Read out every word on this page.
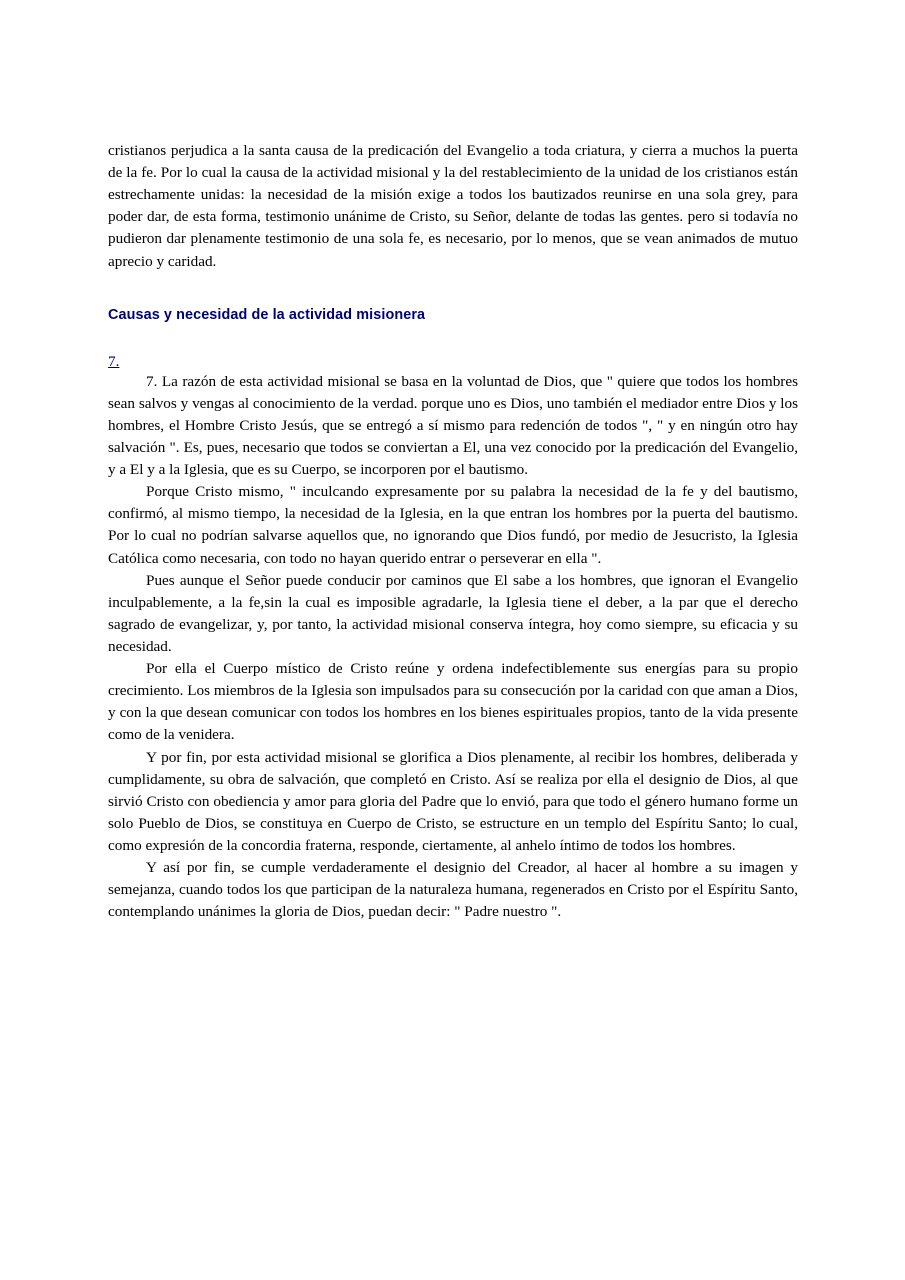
cristianos perjudica a la santa causa de la predicación del Evangelio a toda criatura, y cierra a muchos la puerta de la fe. Por lo cual la causa de la actividad misional y la del restablecimiento de la unidad de los cristianos están estrechamente unidas: la necesidad de la misión exige a todos los bautizados reunirse en una sola grey, para poder dar, de esta forma, testimonio unánime de Cristo, su Señor, delante de todas las gentes. pero si todavía no pudieron dar plenamente testimonio de una sola fe, es necesario, por lo menos, que se vean animados de mutuo aprecio y caridad.

Causas y necesidad de la actividad misionera
7.

7. La razón de esta actividad misional se basa en la voluntad de Dios, que " quiere que todos los hombres sean salvos y vengas al conocimiento de la verdad. porque uno es Dios, uno también el mediador entre Dios y los hombres, el Hombre Cristo Jesús, que se entregó a sí mismo para redención de todos ", " y en ningún otro hay salvación ". Es, pues, necesario que todos se conviertan a El, una vez conocido por la predicación del Evangelio, y a El y a la Iglesia, que es su Cuerpo, se incorporen por el bautismo.

Porque Cristo mismo, " inculcando expresamente por su palabra la necesidad de la fe y del bautismo, confirmó, al mismo tiempo, la necesidad de la Iglesia, en la que entran los hombres por la puerta del bautismo. Por lo cual no podrían salvarse aquellos que, no ignorando que Dios fundó, por medio de Jesucristo, la Iglesia Católica como necesaria, con todo no hayan querido entrar o perseverar en ella ".

Pues aunque el Señor puede conducir por caminos que El sabe a los hombres, que ignoran el Evangelio inculpablemente, a la fe,sin la cual es imposible agradarle, la Iglesia tiene el deber, a la par que el derecho sagrado de evangelizar, y, por tanto, la actividad misional conserva íntegra, hoy como siempre, su eficacia y su necesidad.

Por ella el Cuerpo místico de Cristo reúne y ordena indefectiblemente sus energías para su propio crecimiento. Los miembros de la Iglesia son impulsados para su consecución por la caridad con que aman a Dios, y con la que desean comunicar con todos los hombres en los bienes espirituales propios, tanto de la vida presente como de la venidera.

Y por fin, por esta actividad misional se glorifica a Dios plenamente, al recibir los hombres, deliberada y cumplidamente, su obra de salvación, que completó en Cristo. Así se realiza por ella el designio de Dios, al que sirvió Cristo con obediencia y amor para gloria del Padre que lo envió, para que todo el género humano forme un solo Pueblo de Dios, se constituya en Cuerpo de Cristo, se estructure en un templo del Espíritu Santo; lo cual, como expresión de la concordia fraterna, responde, ciertamente, al anhelo íntimo de todos los hombres.

Y así por fin, se cumple verdaderamente el designio del Creador, al hacer al hombre a su imagen y semejanza, cuando todos los que participan de la naturaleza humana, regenerados en Cristo por el Espíritu Santo, contemplando unánimes la gloria de Dios, puedan decir: " Padre nuestro ".
